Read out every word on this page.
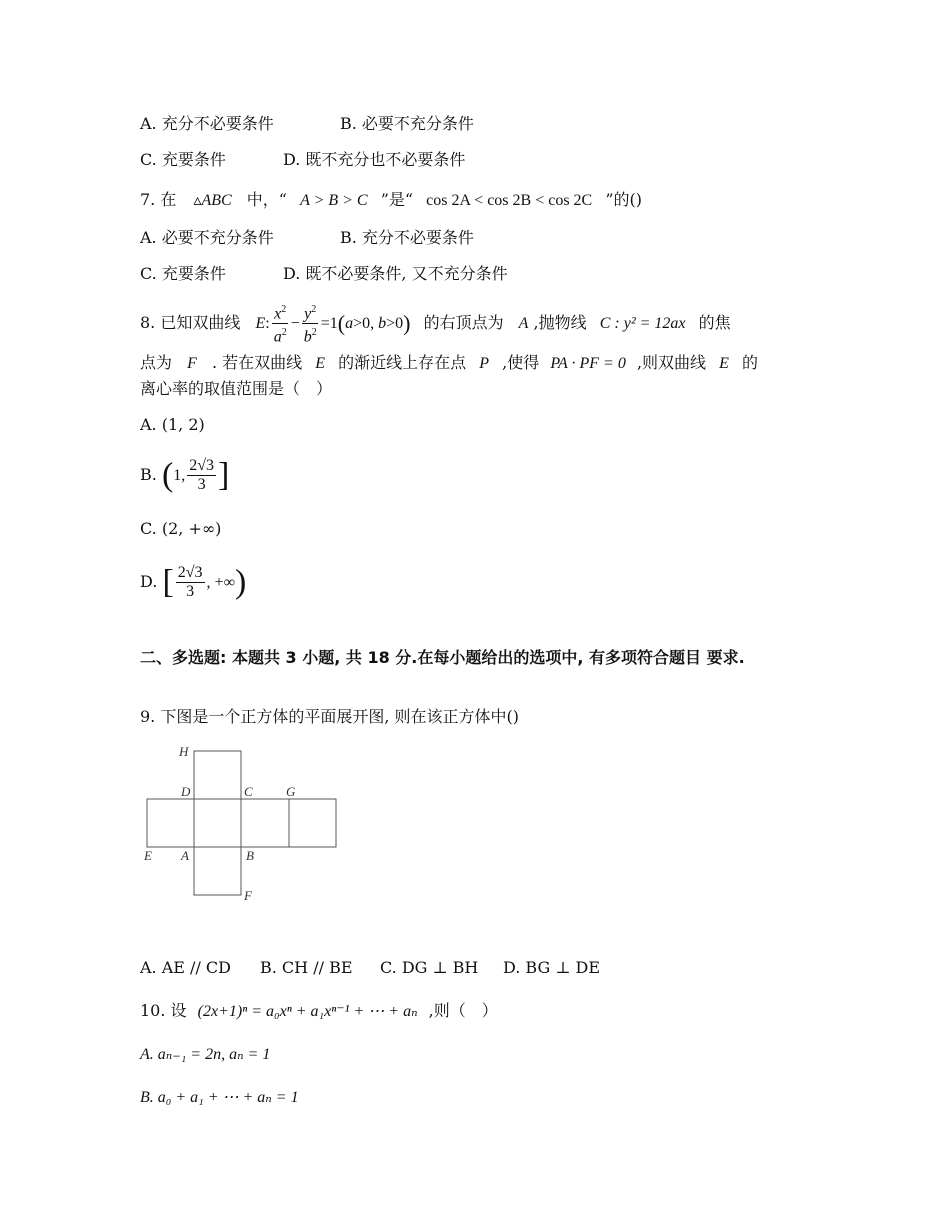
A. 充分不必要条件	B. 必要不充分条件
C. 充要条件	D. 既不充分也不必要条件
7. 在 ▵ABC 中，“ A > B > C ”是“ cos 2A < cos 2B < cos 2C ”的()
A. 必要不充分条件	B. 充分不必要条件
C. 充要条件	D. 既不必要条件, 又不充分条件
8. 已知双曲线 E: $\frac{x^2}{a^2} - \frac{y^2}{b^2} =1(a>0$, b>0) 的右顶点为 A ,抛物线 C : y² = 12ax 的焦
点为 F . 若在双曲线 E 的渐近线上存在点 P ,使得 PA · PF = 0 ,则双曲线 E 的
离心率的取值范围是（　）
A. (1, 2)
B. (1, $\frac{2√3}{3}$ ]
C. (2, +∞)
D. [ $\frac{2√3}{3}$ , +∞)
二、多选题: 本题共 3 小题, 共 18 分.在每小题给出的选项中, 有多项符合题目 要求.
9. 下图是一个正方体的平面展开图, 则在该正方体中()
H
D	C	G
E A	B
F
A. AE // CD B. CH // BE C. DG ⊥ BH D. BG ⊥ DE
10. 设 (2x+1)ⁿ = a₀xⁿ + a₁xⁿ⁻¹ + ⋯ + aₙ ,则（　）
A. aₙ₋₁ = 2n, aₙ = 1
B. a₀ + a₁ + ⋯ + aₙ = 1
